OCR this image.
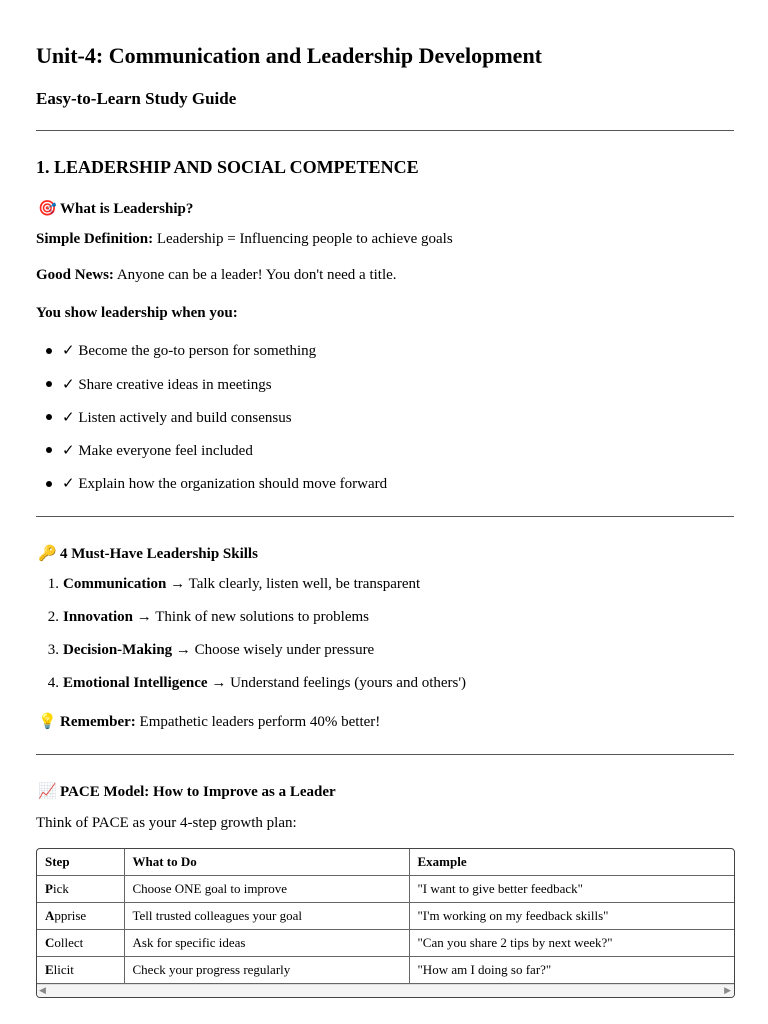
Unit-4: Communication and Leadership Development
Easy-to-Learn Study Guide
1. LEADERSHIP AND SOCIAL COMPETENCE
🎯 What is Leadership?
Simple Definition: Leadership = Influencing people to achieve goals
Good News: Anyone can be a leader! You don't need a title.
You show leadership when you:
✓ Become the go-to person for something
✓ Share creative ideas in meetings
✓ Listen actively and build consensus
✓ Make everyone feel included
✓ Explain how the organization should move forward
🔑 4 Must-Have Leadership Skills
1. Communication → Talk clearly, listen well, be transparent
2. Innovation → Think of new solutions to problems
3. Decision-Making → Choose wisely under pressure
4. Emotional Intelligence → Understand feelings (yours and others')
💡 Remember: Empathetic leaders perform 40% better!
📈 PACE Model: How to Improve as a Leader
Think of PACE as your 4-step growth plan:
Step	What to Do	Example
Pick	Choose ONE goal to improve	"I want to give better feedback"
Apprise	Tell trusted colleagues your goal	"I'm working on my feedback skills"
Collect	Ask for specific ideas	"Can you share 2 tips by next week?"
Elicit	Check your progress regularly	"How am I doing so far?"
◀	▶
